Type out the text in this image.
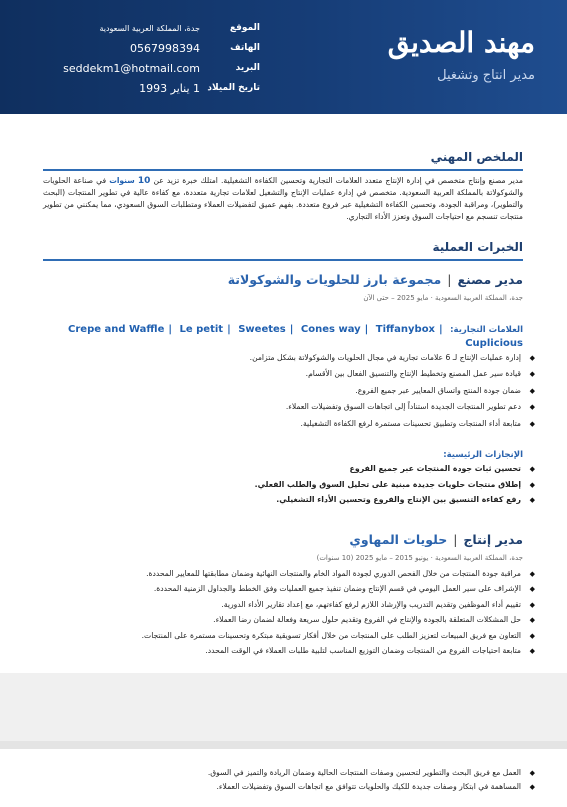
مهند الصديق
مدير انتاج وتشغيل
الموقع
جدة، المملكة العربية السعودية
الهاتف
0567998394
البريد
seddekm1@hotmail.com
تاريخ الميلاد
1 يناير 1993
الملخص المهني
مدير مصنع وإنتاج متخصص في إدارة الإنتاج متعدد العلامات التجارية وتحسين الكفاءة التشغيلية. امتلك خبرة تزيد عن 10 سنوات في صناعة الحلويات والشوكولاتة بالمملكة العربية السعودية. متخصص في إدارة عمليات الإنتاج والتشغيل لعلامات تجارية متعددة، مع كفاءة عالية في تطوير المنتجات (البحث والتطوير)، ومراقبة الجودة، وتحسين الكفاءة التشغيلية عبر فروع متعددة. بفهم عميق لتفضيلات العملاء ومتطلبات السوق السعودي، مما يمكنني من تطوير منتجات تنسجم مع احتياجات السوق وتعزز الأداء التجاري.
الخبرات العملية
مدير مصنع|مجموعة بارز للحلويات والشوكولاتة
جدة، المملكة العربية السعودية · مايو 2025 – حتى الآن
العلامات التجارية: Crepe and Waffle | Le petit | Sweetes | Cones way | Tiffanybox | Cuplicious
◆ إدارة عمليات الإنتاج لـ 6 علامات تجارية في مجال الحلويات والشوكولاتة بشكل متزامن.
◆ قيادة سير عمل المصنع وتخطيط الإنتاج والتنسيق الفعال بين الأقسام.
◆ ضمان جودة المنتج واتساق المعايير عبر جميع الفروع.
◆ دعم تطوير المنتجات الجديدة استناداً إلى اتجاهات السوق وتفضيلات العملاء.
◆ متابعة أداء المنتجات وتطبيق تحسينات مستمرة لرفع الكفاءة التشغيلية.
الإنجازات الرئيسية:
◆ تحسين ثبات جودة المنتجات عبر جميع الفروع
◆ إطلاق منتجات حلويات جديدة مبنية على تحليل السوق والطلب الفعلي.
◆ رفع كفاءة التنسيق بين الإنتاج والفروع وتحسين الأداء التشغيلي.
مدير إنتاج|حلويات المهاوي
جدة، المملكة العربية السعودية · يونيو 2015 – مايو 2025 (10 سنوات)
◆ مراقبة جودة المنتجات من خلال الفحص الدوري لجودة المواد الخام والمنتجات النهائية وضمان مطابقتها للمعايير المحددة.
◆ الإشراف على سير العمل اليومي في قسم الإنتاج وضمان تنفيذ جميع العمليات وفق الخطط والجداول الزمنية المحددة.
◆ تقييم أداء الموظفين وتقديم التدريب والإرشاد اللازم لرفع كفاءتهم، مع إعداد تقارير الأداء الدورية.
◆ حل المشكلات المتعلقة بالجودة والإنتاج في الفروع وتقديم حلول سريعة وفعالة لضمان رضا العملاء.
◆ التعاون مع فريق المبيعات لتعزيز الطلب على المنتجات من خلال أفكار تسويقية مبتكرة وتحسينات مستمرة على المنتجات.
◆ متابعة احتياجات الفروع من المنتجات وضمان التوزيع المناسب لتلبية طلبات العملاء في الوقت المحدد.
◆ العمل مع فريق البحث والتطوير لتحسين وصفات المنتجات الحالية وضمان الريادة والتميز في السوق.
◆ المساهمة في ابتكار وصفات جديدة للكيك والحلويات تتوافق مع اتجاهات السوق وتفضيلات العملاء.
